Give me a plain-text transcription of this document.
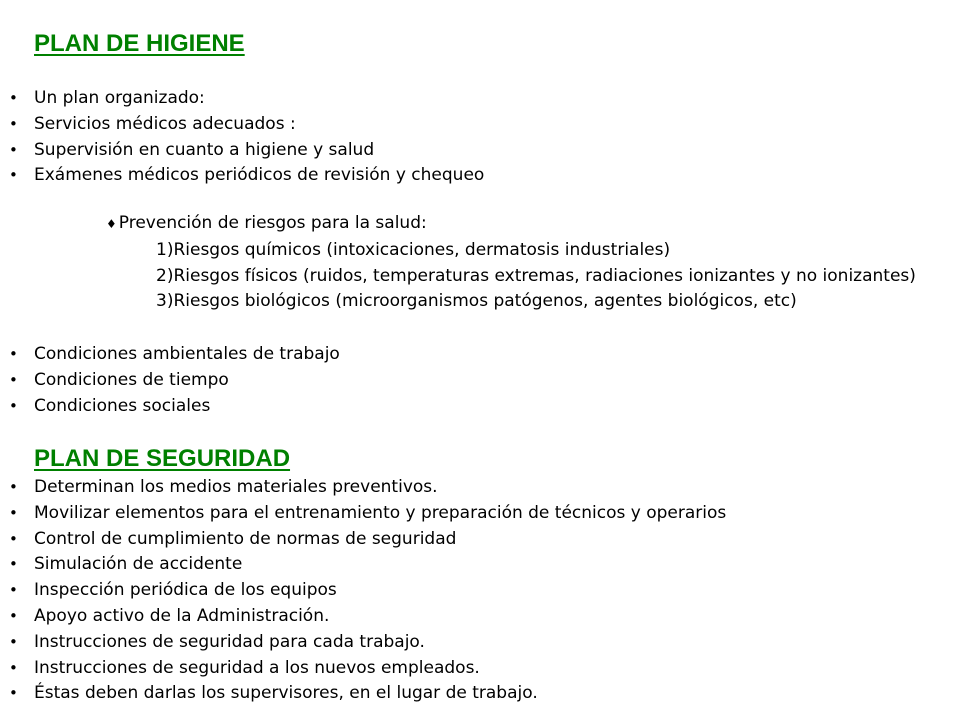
PLAN DE HIGIENE
• Un plan organizado:
• Servicios médicos adecuados :
• Supervisión en cuanto a higiene y salud
• Exámenes médicos periódicos de revisión y chequeo
♦ Prevención de riesgos para la salud:
1)Riesgos químicos (intoxicaciones, dermatosis industriales)
2)Riesgos físicos (ruidos, temperaturas extremas, radiaciones ionizantes y no ionizantes)
3)Riesgos biológicos (microorganismos patógenos, agentes biológicos, etc)
• Condiciones ambientales de trabajo
• Condiciones de tiempo
• Condiciones sociales
PLAN DE SEGURIDAD
• Determinan los medios materiales preventivos.
• Movilizar elementos para el entrenamiento y preparación de técnicos y operarios
• Control de cumplimiento de normas de seguridad
• Simulación de accidente
• Inspección periódica de los equipos
• Apoyo activo de la Administración.
• Instrucciones de seguridad para cada trabajo.
• Instrucciones de seguridad a los nuevos empleados.
• Éstas deben darlas los supervisores, en el lugar de trabajo.
